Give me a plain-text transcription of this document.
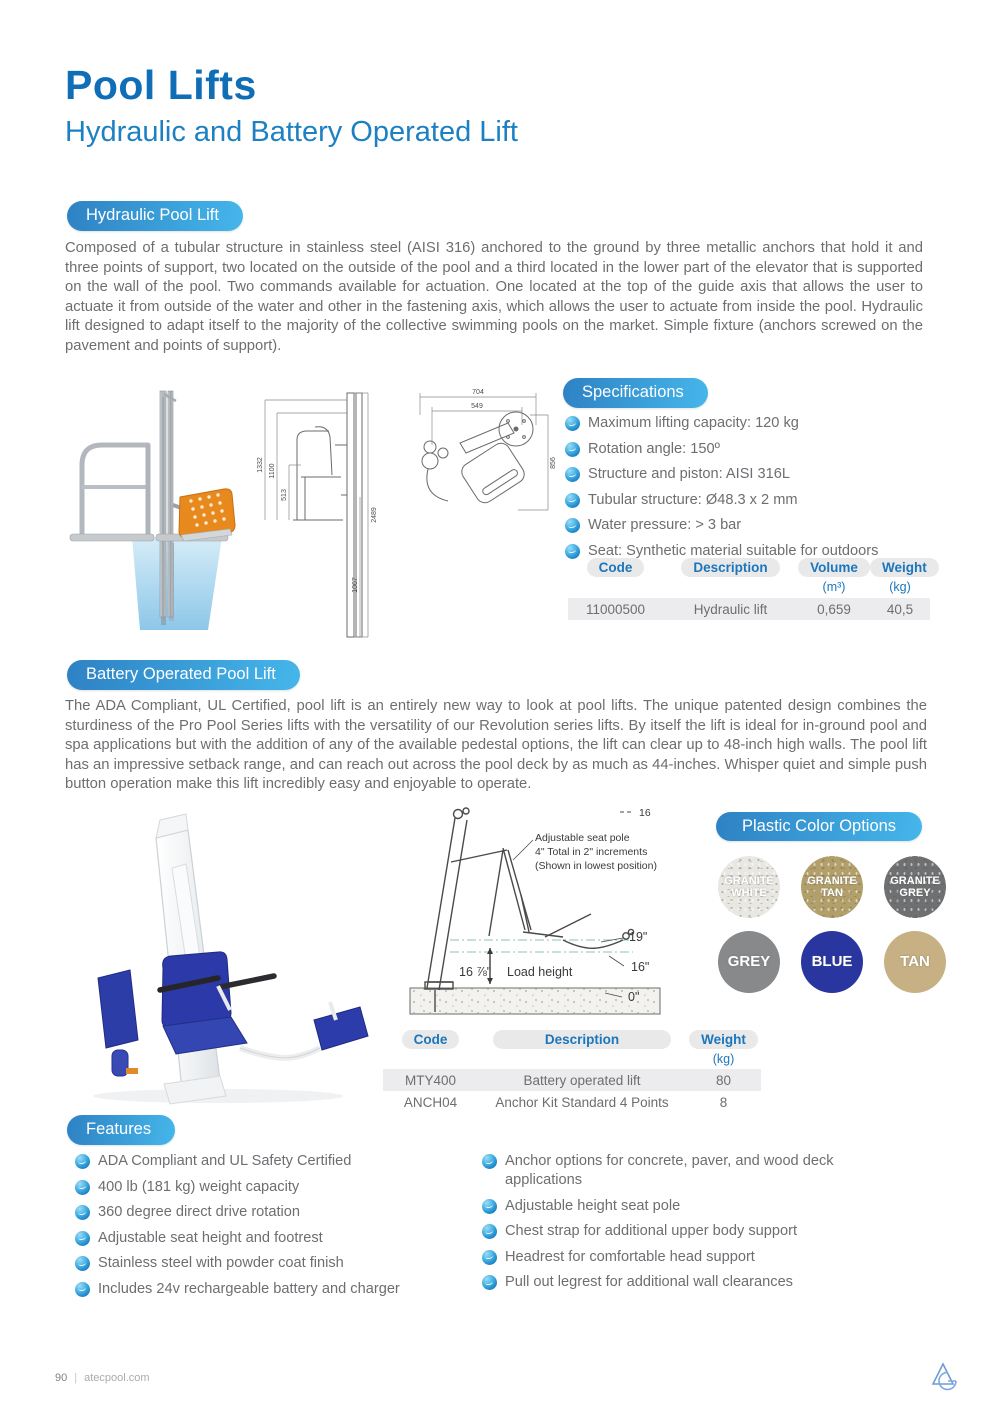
Pool Lifts
Hydraulic and Battery Operated Lift
Hydraulic Pool Lift
Composed of a tubular structure in stainless steel (AISI 316) anchored to the ground by three metallic anchors that hold it and three points of support, two located on the outside of the pool and a third located in the lower part of the elevator that is supported on the wall of the pool. Two commands available for actuation. One located at the top of the guide axis that allows the user to actuate it from outside of the water and other in the fastening axis, which allows the user to actuate from inside the pool. Hydraulic lift designed to adapt itself to the majority of the collective swimming pools on the market. Simple fixture (anchors screwed on the pavement and points of support).
1332 1100
513
2489
1067
704
549
856
Specifications
Maximum lifting capacity: 120 kg
Rotation angle: 150º
Structure and piston: AISI 316L
Tubular structure: Ø48.3 x 2 mm
Water pressure: > 3 bar
Seat: Synthetic material suitable for outdoors
Code	Description	Volume	Weight
(m³)	(kg)
11000500	Hydraulic lift	0,659	40,5
Battery Operated Pool Lift
The ADA Compliant, UL Certified, pool lift is an entirely new way to look at pool lifts. The unique patented design combines the sturdiness of the Pro Pool Series lifts with the versatility of our Revolution series lifts. By itself the lift is ideal for in-ground pool and spa applications but with the addition of any of the available pedestal options, the lift can clear up to 48-inch high walls. The pool lift has an impressive setback range, and can reach out across the pool deck by as much as 44-inches. Whisper quiet and simple push button operation make this lift incredibly easy and enjoyable to operate.
16
Adjustable seat pole
4" Total in 2" increments
(Shown in lowest position)
19"
16"
0"
16 ⅞" Load height
Plastic Color Options
GRANITE
WHITE
GRANITE
TAN
GRANITE
GREY
GREY	BLUE	TAN
Code	Description	Weight
(kg)
MTY400	Battery operated lift	80
ANCH04	Anchor Kit Standard 4 Points	8
Features
ADA Compliant and UL Safety Certified
400 lb (181 kg) weight capacity
360 degree direct drive rotation
Adjustable seat height and footrest
Stainless steel with powder coat finish
Includes 24v rechargeable battery and charger
Anchor options for concrete, paver, and wood deck applications
Adjustable height seat pole
Chest strap for additional upper body support
Headrest for comfortable head support
Pull out legrest for additional wall clearances
90 | atecpool.com
